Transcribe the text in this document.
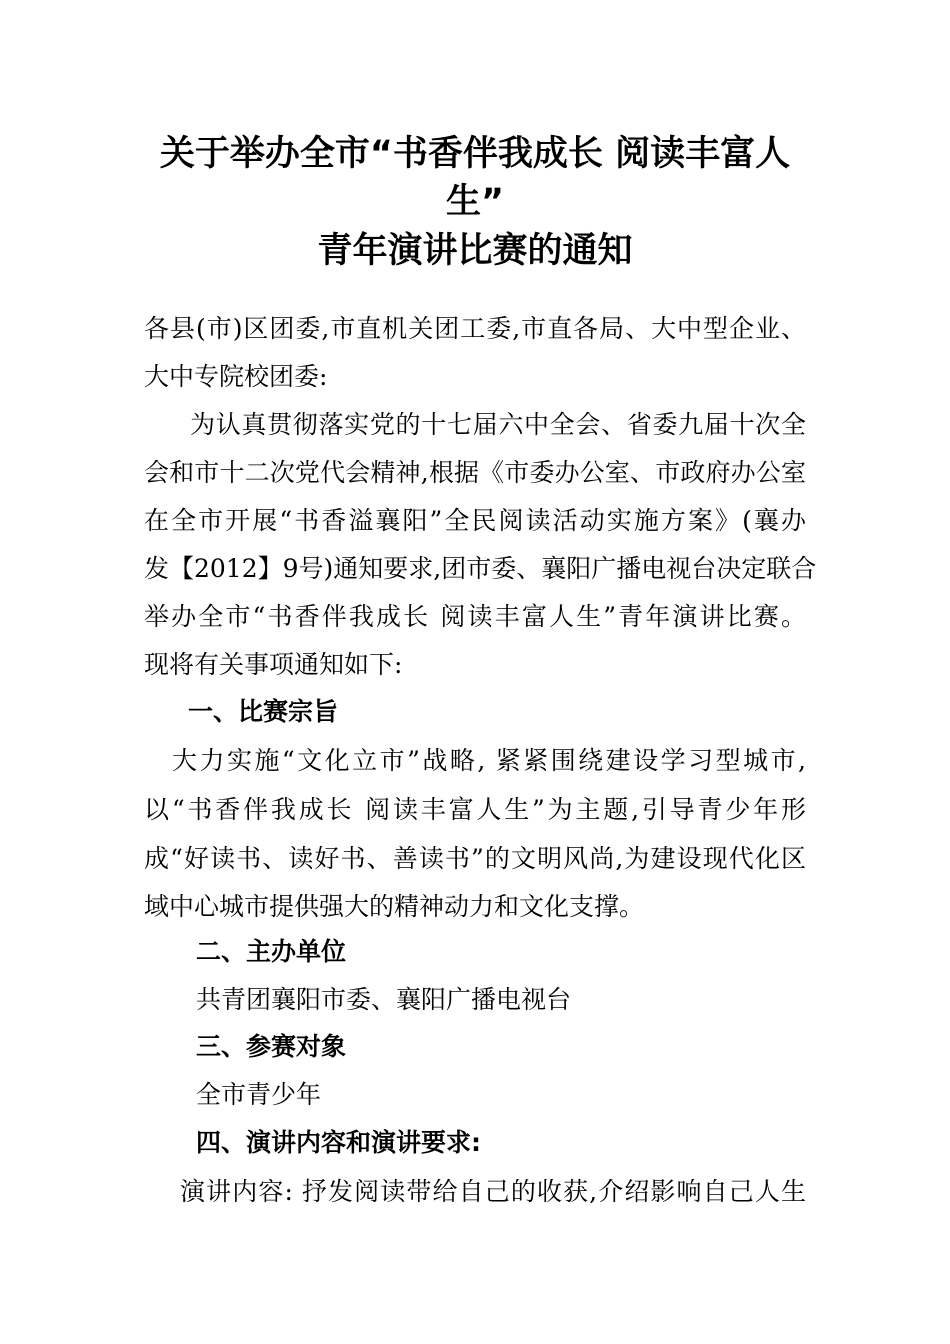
关于举办全市“书香伴我成长 阅读丰富人
生”
青年演讲比赛的通知
各县(市)区团委,市直机关团工委,市直各局、大中型企业、
大中专院校团委:
为认真贯彻落实党的十七届六中全会、省委九届十次全
会和市十二次党代会精神,根据《市委办公室、市政府办公室
在全市开展“书香溢襄阳”全民阅读活动实施方案》(襄办
发【2012】9号)通知要求,团市委、襄阳广播电视台决定联合
举办全市“书香伴我成长 阅读丰富人生”青年演讲比赛。
现将有关事项通知如下:
一、比赛宗旨
大力实施“文化立市”战略, 紧紧围绕建设学习型城市,
以“书香伴我成长 阅读丰富人生”为主题,引导青少年形
成“好读书、读好书、善读书”的文明风尚,为建设现代化区
域中心城市提供强大的精神动力和文化支撑。
二、主办单位
共青团襄阳市委、襄阳广播电视台
三、参赛对象
全市青少年
四、演讲内容和演讲要求:
演讲内容: 抒发阅读带给自己的收获,介绍影响自己人生
